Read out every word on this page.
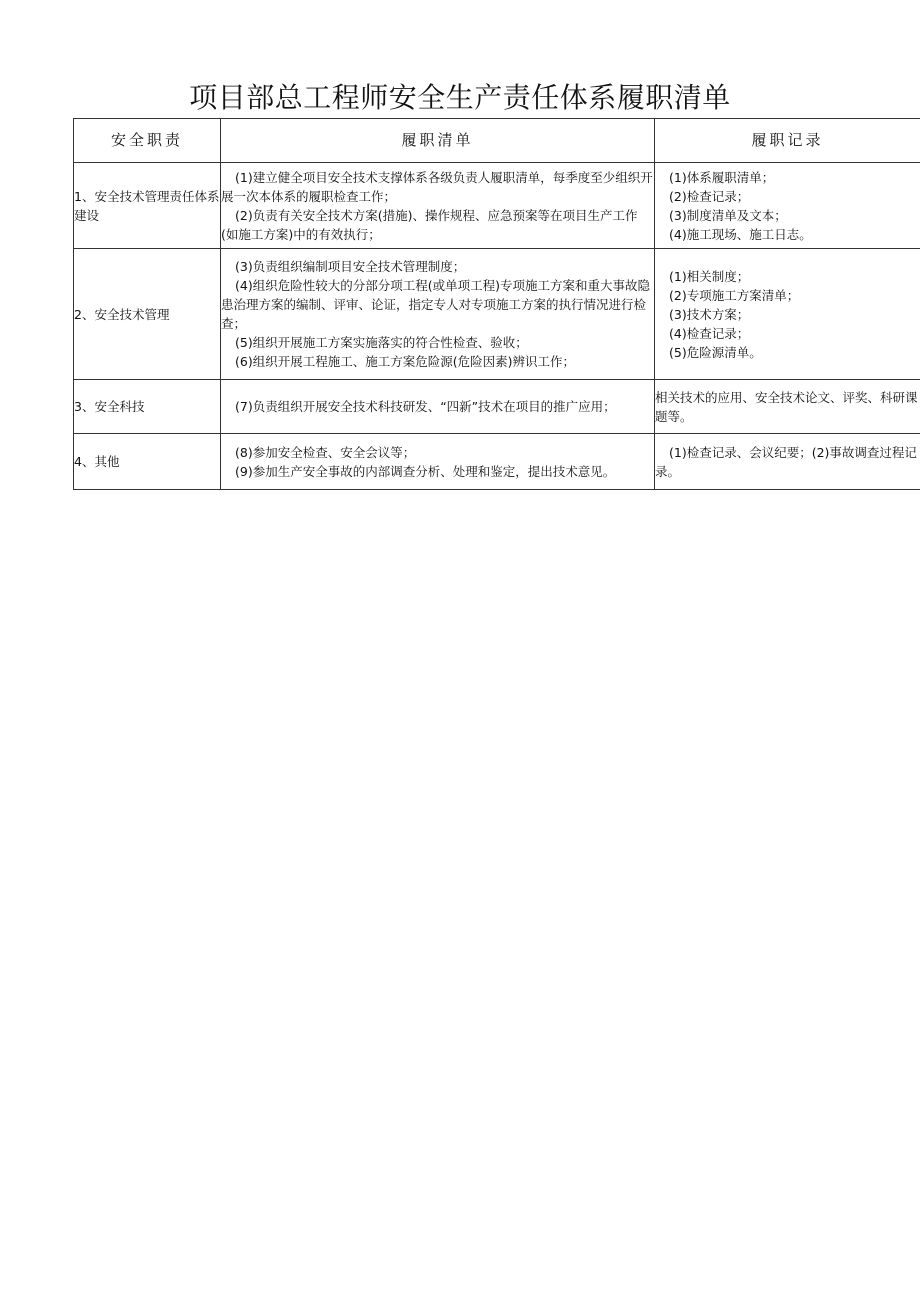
项目部总工程师安全生产责任体系履职清单
安全职责	履职清单	履职记录
1、安全技术管理责任体系建设	(1)建立健全项目安全技术支撑体系各级负责人履职清单，每季度至少组织开展一次本体系的履职检查工作；
(2)负责有关安全技术方案(措施)、操作规程、应急预案等在项目生产工作(如施工方案)中的有效执行；	(1)体系履职清单；
(2)检查记录；
(3)制度清单及文本；
(4)施工现场、施工日志。

2、安全技术管理	(3)负责组织编制项目安全技术管理制度；
(4)组织危险性较大的分部分项工程(或单项工程)专项施工方案和重大事故隐患治理方案的编制、评审、论证，指定专人对专项施工方案的执行情况进行检查；
(5)组织开展施工方案实施落实的符合性检查、验收；
(6)组织开展工程施工、施工方案危险源(危险因素)辨识工作；	(1)相关制度；
(2)专项施工方案清单；
(3)技术方案；
(4)检查记录；
(5)危险源清单。

3、安全科技	(7)负责组织开展安全技术科技研发、“四新”技术在项目的推广应用；	相关技术的应用、安全技术论文、评奖、科研课题等。

4、其他	(8)参加安全检查、安全会议等；
(9)参加生产安全事故的内部调查分析、处理和鉴定，提出技术意见。	(1)检查记录、会议纪要；(2)事故调查过程记录。
